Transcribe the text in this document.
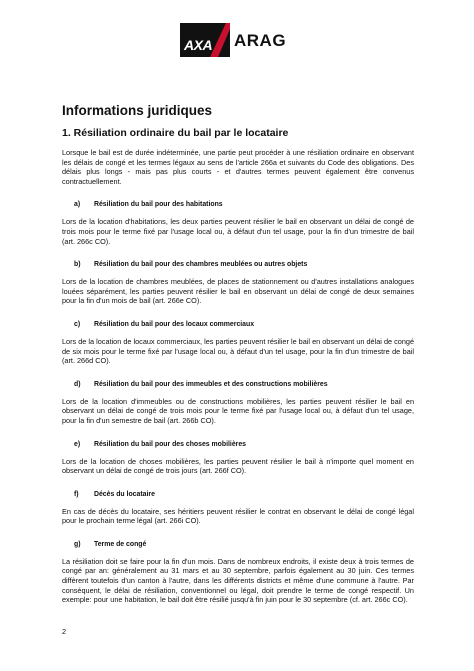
AXA ARAG
Informations juridiques
1. Résiliation ordinaire du bail par le locataire

Lorsque le bail est de durée indéterminée, une partie peut procéder à une résiliation ordinaire en observant les délais de congé et les termes légaux au sens de l'article 266a et suivants du Code des obligations. Des délais plus longs - mais pas plus courts - et d'autres termes peuvent également être convenus contractuellement.

a)	Résiliation du bail pour des habitations

Lors de la location d'habitations, les deux parties peuvent résilier le bail en observant un délai de congé de trois mois pour le terme fixé par l'usage local ou, à défaut d'un tel usage, pour la fin d'un trimestre de bail (art. 266c CO).

b)	Résiliation du bail pour des chambres meublées ou autres objets

Lors de la location de chambres meublées, de places de stationnement ou d'autres installations analogues louées séparément, les parties peuvent résilier le bail en observant un délai de congé de deux semaines pour la fin d'un mois de bail (art. 266e CO).

c)	Résiliation du bail pour des locaux commerciaux

Lors de la location de locaux commerciaux, les parties peuvent résilier le bail en observant un délai de congé de six mois pour le terme fixé par l'usage local ou, à défaut d'un tel usage, pour la fin d'un trimestre de bail (art. 266d CO).

d)	Résiliation du bail pour des immeubles et des constructions mobilières

Lors de la location d'immeubles ou de constructions mobilières, les parties peuvent résilier le bail en observant un délai de congé de trois mois pour le terme fixé par l'usage local ou, à défaut d'un tel usage, pour la fin d'un semestre de bail (art. 266b CO).

e)	Résiliation du bail pour des choses mobilières

Lors de la location de choses mobilières, les parties peuvent résilier le bail à n'importe quel moment en observant un délai de congé de trois jours (art. 266f CO).

f)	Décès du locataire

En cas de décès du locataire, ses héritiers peuvent résilier le contrat en observant le délai de congé légal pour le prochain terme légal (art. 266i CO).

g)	Terme de congé

La résiliation doit se faire pour la fin d'un mois. Dans de nombreux endroits, il existe deux à trois termes de congé par an: généralement au 31 mars et au 30 septembre, parfois également au 30 juin. Ces termes diffèrent toutefois d'un canton à l'autre, dans les différents districts et même d'une commune à l'autre. Par conséquent, le délai de résiliation, conventionnel ou légal, doit prendre le terme de congé respectif. Un exemple: pour une habitation, le bail doit être résilié jusqu'à fin juin pour le 30 septembre (cf. art. 266c CO).

2
